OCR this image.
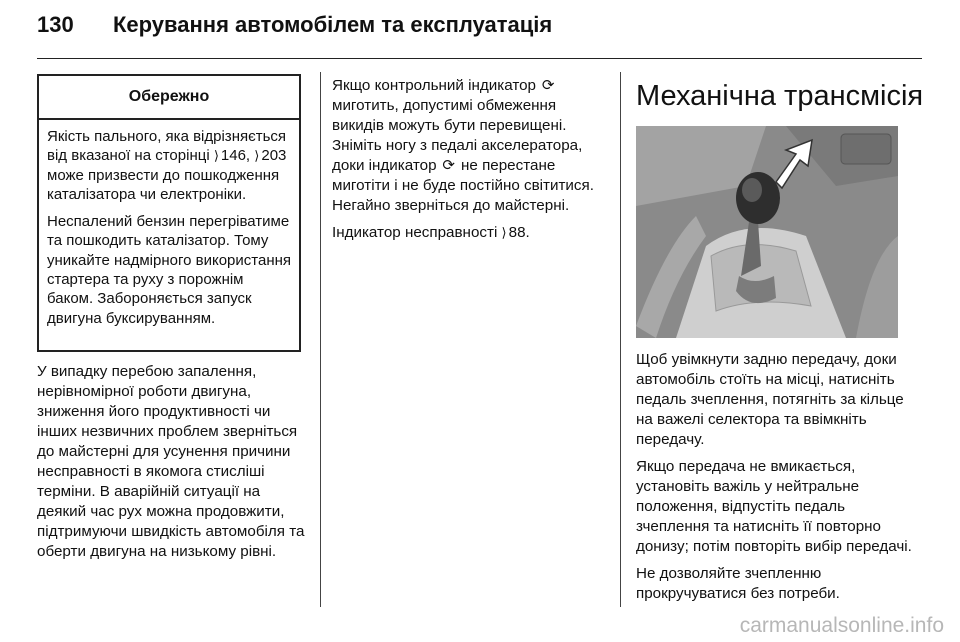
130 Керування автомобілем та експлуатація
Обережно

Якість пального, яка відрізняється від вказаної на сторінці ⟩ 146, ⟩ 203 може призвести до пошкодження каталізатора чи електроніки.

Неспалений бензин перегріватиме та пошкодить каталізатор. Тому уникайте надмірного використання стартера та руху з порожнім баком. Забороняється запуск двигуна буксируванням.

У випадку перебою запалення, нерівномірної роботи двигуна, зниження його продуктивності чи інших незвичних проблем зверніться до майстерні для усунення причини несправності в якомога стисліші терміни. В аварійній ситуації на деякий час рух можна продовжити, підтримуючи швидкість автомобіля та оберти двигуна на низькому рівні.

Якщо контрольний індикатор ⟳ миготить, допустимі обмеження викидів можуть бути перевищені. Зніміть ногу з педалі акселератора, доки індикатор ⟳ не перестане миготіти і не буде постійно світитися. Негайно зверніться до майстерні.

Індикатор несправності ⟩ 88.

Механічна трансмісія

Щоб увімкнути задню передачу, доки автомобіль стоїть на місці, натисніть педаль зчеплення, потягніть за кільце на важелі селектора та ввімкніть передачу.

Якщо передача не вмикається, установіть важіль у нейтральне положення, відпустіть педаль зчеплення та натисніть її повторно донизу; потім повторіть вибір передачі.

Не дозволяйте зчепленню прокручуватися без потреби.

carmanualsonline.info
